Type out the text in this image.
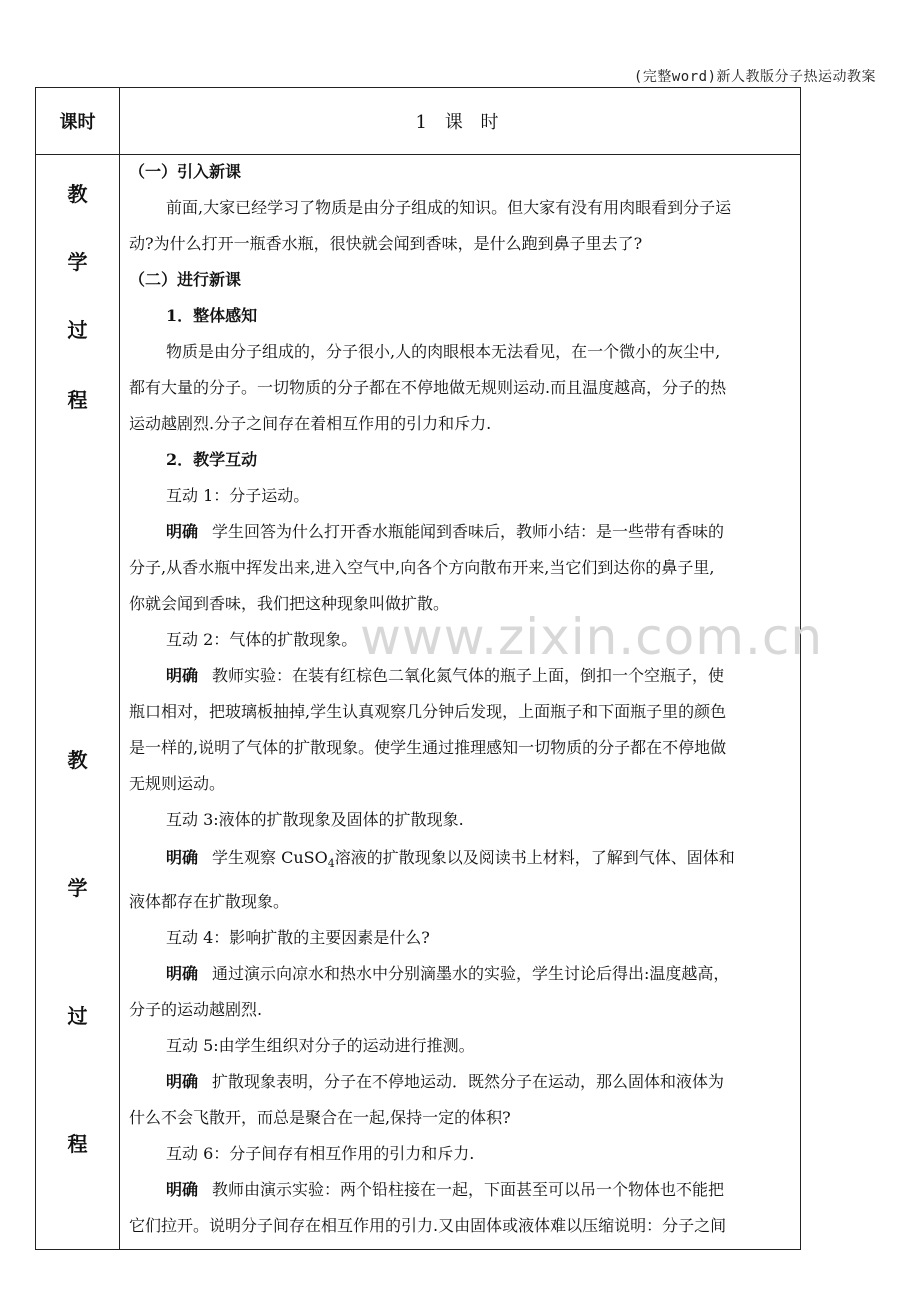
(完整word)新人教版分子热运动教案
课时	1 课 时
教
学
过
程
教
学
过
程
（一）引入新课
前面,大家已经学习了物质是由分子组成的知识。但大家有没有用肉眼看到分子运
动?为什么打开一瓶香水瓶，很快就会闻到香味，是什么跑到鼻子里去了?
（二）进行新课
1．整体感知
物质是由分子组成的，分子很小,人的肉眼根本无法看见，在一个微小的灰尘中,
都有大量的分子。一切物质的分子都在不停地做无规则运动.而且温度越高，分子的热
运动越剧烈.分子之间存在着相互作用的引力和斥力.
2．教学互动
互动 1：分子运动。
明确 学生回答为什么打开香水瓶能闻到香味后，教师小结：是一些带有香味的
分子,从香水瓶中挥发出来,进入空气中,向各个方向散布开来,当它们到达你的鼻子里,
你就会闻到香味，我们把这种现象叫做扩散。
互动 2：气体的扩散现象。
明确 教师实验：在装有红棕色二氧化氮气体的瓶子上面，倒扣一个空瓶子，使
瓶口相对，把玻璃板抽掉,学生认真观察几分钟后发现，上面瓶子和下面瓶子里的颜色
是一样的,说明了气体的扩散现象。使学生通过推理感知一切物质的分子都在不停地做
无规则运动。
互动 3:液体的扩散现象及固体的扩散现象.
明确 学生观察 CuSO$_4$溶液的扩散现象以及阅读书上材料，了解到气体、固体和
液体都存在扩散现象。
互动 4：影响扩散的主要因素是什么?
明确 通过演示向凉水和热水中分别滴墨水的实验，学生讨论后得出:温度越高，
分子的运动越剧烈.
互动 5:由学生组织对分子的运动进行推测。
明确 扩散现象表明，分子在不停地运动．既然分子在运动，那么固体和液体为
什么不会飞散开，而总是聚合在一起,保持一定的体积?
互动 6：分子间存有相互作用的引力和斥力.
明确 教师由演示实验：两个铅柱接在一起，下面甚至可以吊一个物体也不能把
它们拉开。说明分子间存在相互作用的引力.又由固体或液体难以压缩说明：分子之间
www.zixin.com.cn
